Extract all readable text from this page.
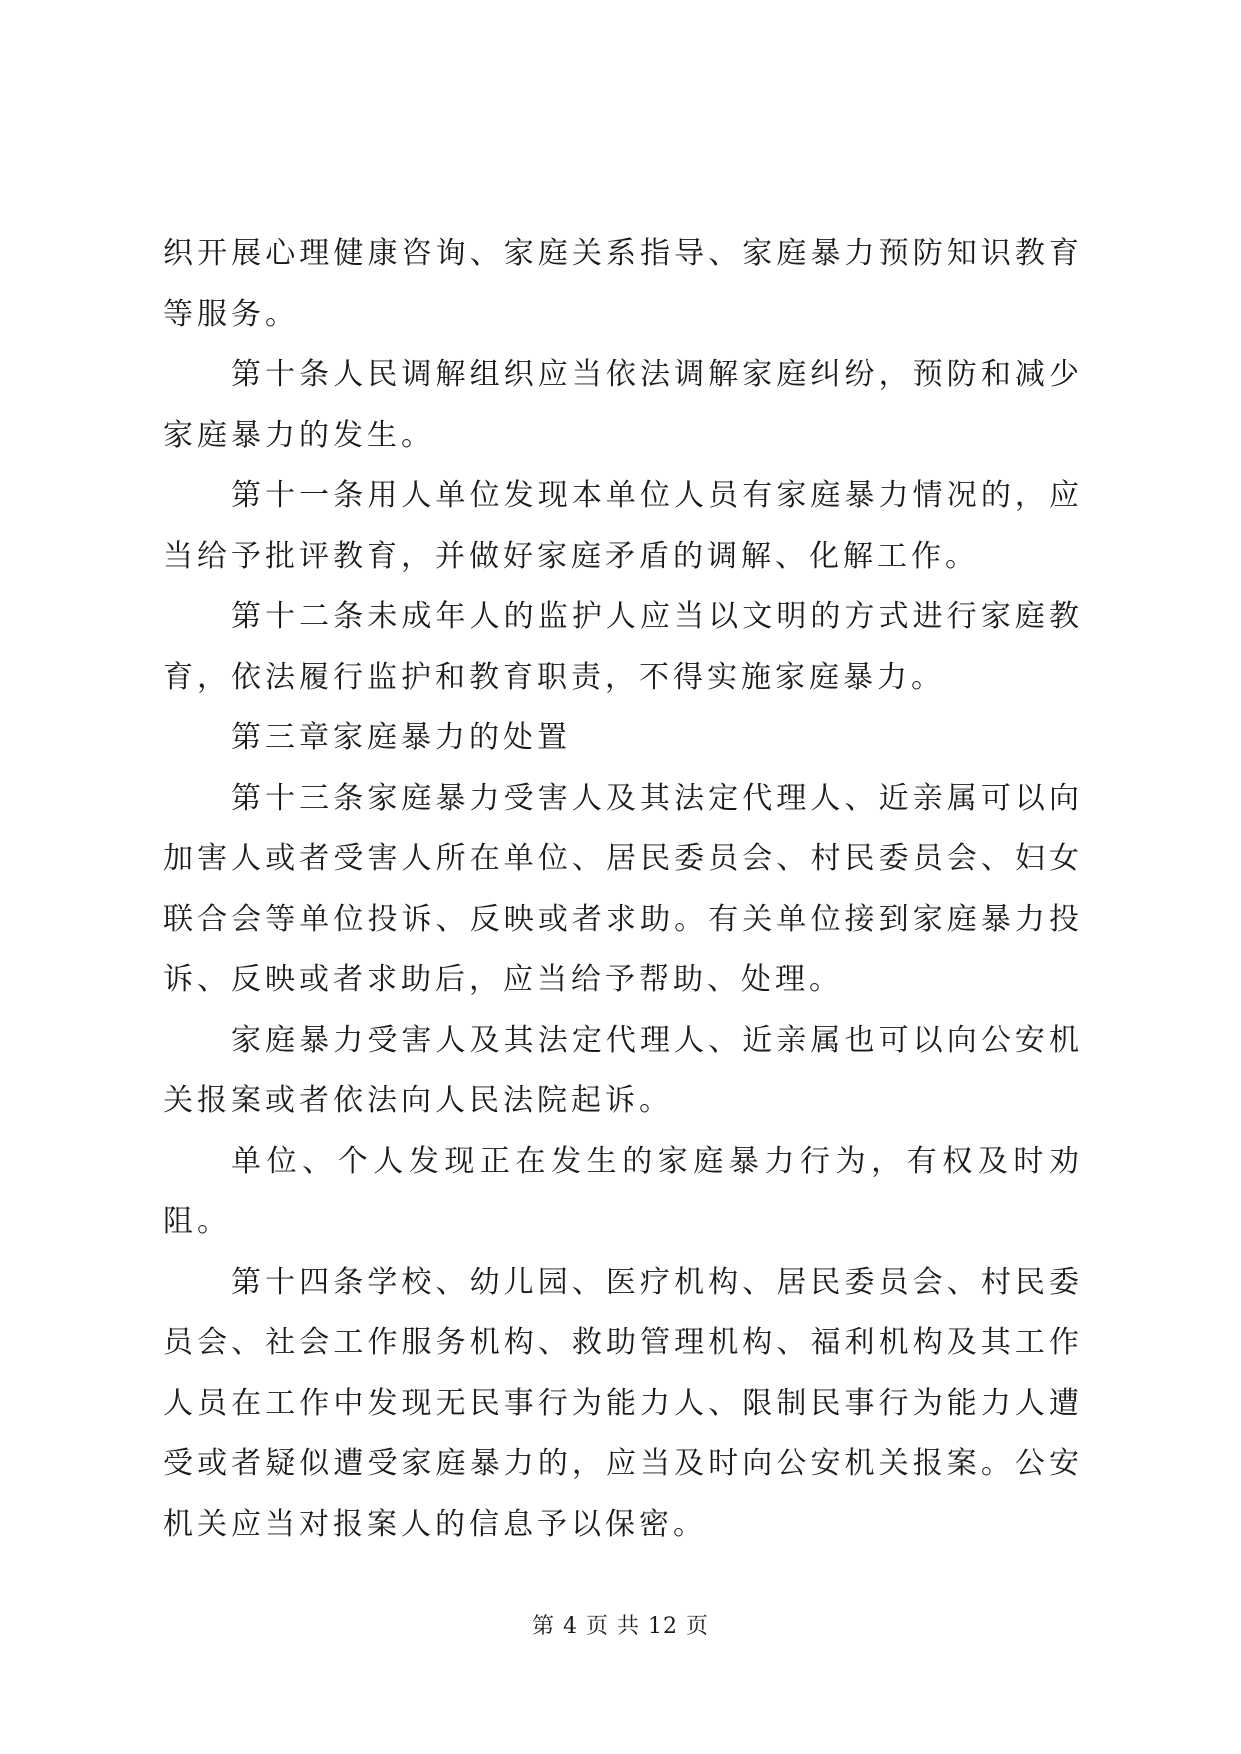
织开展心理健康咨询、家庭关系指导、家庭暴力预防知识教育等服务。

第十条人民调解组织应当依法调解家庭纠纷，预防和减少家庭暴力的发生。

第十一条用人单位发现本单位人员有家庭暴力情况的，应当给予批评教育，并做好家庭矛盾的调解、化解工作。

第十二条未成年人的监护人应当以文明的方式进行家庭教育，依法履行监护和教育职责，不得实施家庭暴力。

第三章家庭暴力的处置

第十三条家庭暴力受害人及其法定代理人、近亲属可以向加害人或者受害人所在单位、居民委员会、村民委员会、妇女联合会等单位投诉、反映或者求助。有关单位接到家庭暴力投诉、反映或者求助后，应当给予帮助、处理。

家庭暴力受害人及其法定代理人、近亲属也可以向公安机关报案或者依法向人民法院起诉。

单位、个人发现正在发生的家庭暴力行为，有权及时劝阻。

第十四条学校、幼儿园、医疗机构、居民委员会、村民委员会、社会工作服务机构、救助管理机构、福利机构及其工作人员在工作中发现无民事行为能力人、限制民事行为能力人遭受或者疑似遭受家庭暴力的，应当及时向公安机关报案。公安机关应当对报案人的信息予以保密。

第 4 页 共 12 页
